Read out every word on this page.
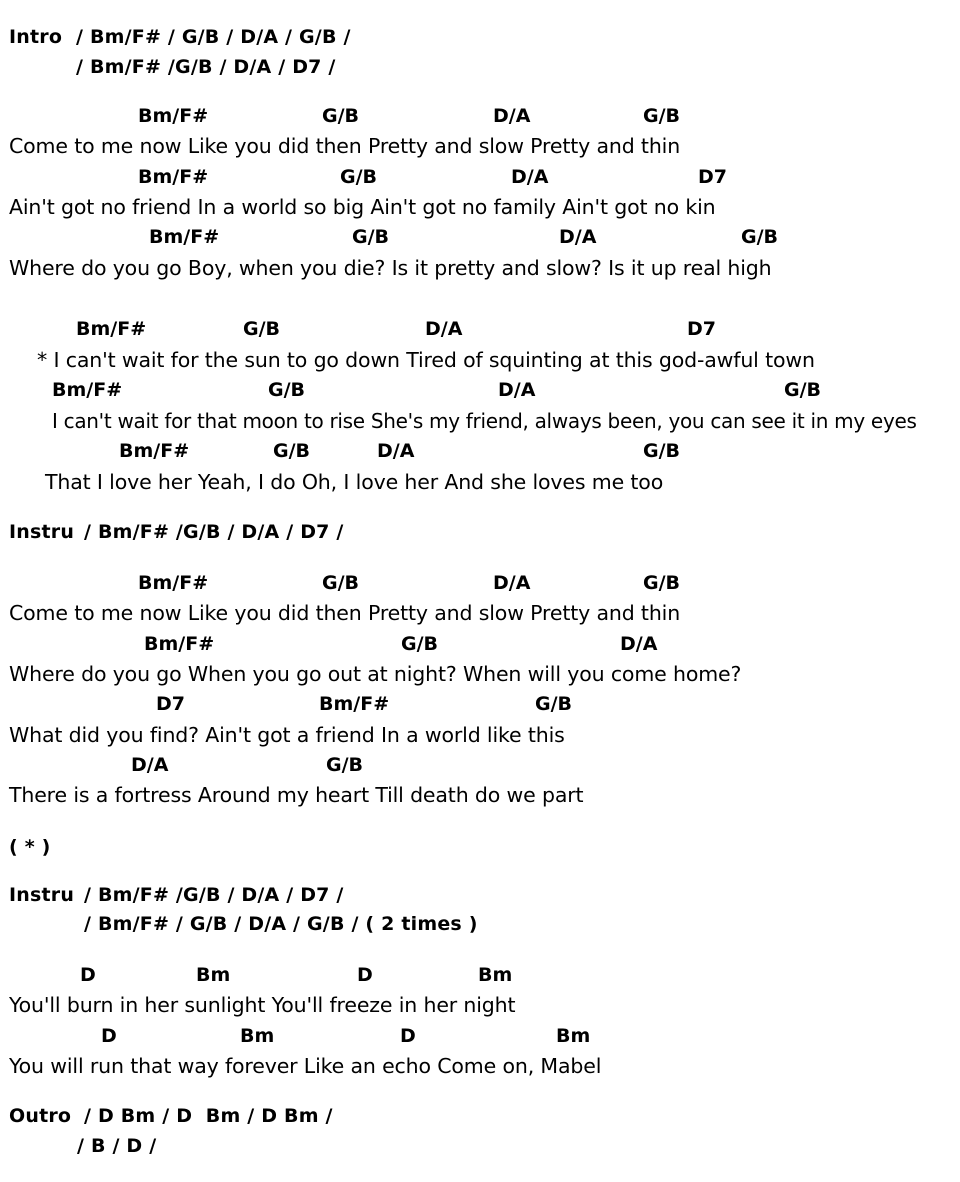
Intro / Bm/F# / G/B / D/A / G/B /
/ Bm/F# /G/B / D/A / D7 /
Bm/F#	G/B	D/A	G/B
Come to me now Like you did then Pretty and slow Pretty and thin
Bm/F#	G/B	D/A	D7
Ain't got no friend In a world so big Ain't got no family Ain't got no kin
Bm/F#	G/B	D/A	G/B
Where do you go Boy, when you die? Is it pretty and slow? Is it up real high
Bm/F#	G/B	D/A	D7
* I can't wait for the sun to go down Tired of squinting at this god-awful town
Bm/F#	G/B	D/A	G/B
I can't wait for that moon to rise She's my friend, always been, you can see it in my eyes
Bm/F#	G/B	D/A	G/B
That I love her Yeah, I do Oh, I love her And she loves me too
Instru / Bm/F# /G/B / D/A / D7 /
Bm/F#	G/B	D/A	G/B
Come to me now Like you did then Pretty and slow Pretty and thin
Bm/F#	G/B	D/A
Where do you go When you go out at night? When will you come home?
D7	Bm/F#	G/B
What did you find? Ain't got a friend In a world like this
D/A	G/B
There is a fortress Around my heart Till death do we part
( * )
Instru / Bm/F# /G/B / D/A / D7 /
/ Bm/F# / G/B / D/A / G/B / ( 2 times )
D	Bm	D	Bm
You'll burn in her sunlight You'll freeze in her night
D	Bm	D	Bm
You will run that way forever Like an echo Come on, Mabel
Outro / D Bm / D  Bm / D Bm /
/ B / D /
